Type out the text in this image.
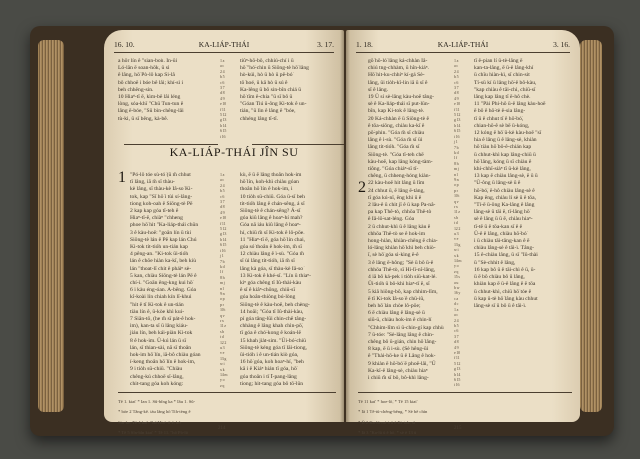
16. 10.	KA-LIÁP-THÁI	3. 17.

a hōr lín ê "sian-bo͘n. In-ūi

Ló-lān ē soan-hōk, ū sì

ê lâng, hō͘ Pò-lô kap Si-lâ

bô chhoē i bóe bê lâi; khí-sì i

beh chhēng-sin.

10 Hia͘ⁿ-tī ē, kìm-bē lâi léng

lòng, sóa-khī "Chū Tun-tun ê

lâng ē-bóe, "Sū bìn-chêng-lâi

tù-ki, ū sī bêng, kà-bê.

1 a

a c

2 4

b 5

c 6

3 7

d 8

4 9

e 10

f 11

5 12

g 13

h 14

6 15

i 16

tiûⁿ-hō-bô, chhiú-chí i ū

hō͘ "hó͘-chin ū Siōng-tè hō͘ lâng

hò-kúi, hò ū hò ū pē-bó͘

tō͘ hoé, ū kā hò ū sú ê

Ka-lêng ū bô sin-bîn chiá ū

hō͘ tīm ê-chia "ū sī bô ū

"Góan Tiú ū-ông Ki-tok ê un-

tián, "ū lìn ê lâng ē "bóe,

chhéng lâng tī-tī.

1 "Pó-lô tóe sù-tó͘ (ū m̄ chhut

tī lâng, iā m̄ sī thàu-

kè lâng, sī thàu-kè Iâ-so͘ Ki-

tok, kap "Sī hō͘ i tùi sí-lâng-

tiong koh-oah ê Siōng-tè Pē

2 kap kap góa tī-teh ê

Hiaⁿ-tī-ē, chiàⁿ "chheng

phoe hō͘ hit "Ka-liáp-thái chūn

3 ê kàu-hoē: "goān lín ū tùi

Siōng-tè lán ê Pē kap lán Chú

Ki-tok tit-tióh un-tián kap

4 pêng-an. "Ki-tok ūi-tióh

lán ê chōe hiàn ka-kī, beh kiù

lán "thoat-lī chit ê pháiⁿ sè-

5 kan, chiàu Siōng-tè lán Pē ê

chí-ì. "Goān êng-kng kui hō͘

6 i kàu éng-óan. A-bēng. Góa

kî-koài lín chiah kín lī-khui

"hit ê tī Ki-tok ê un-tián

tiàu lín ê, ū-kòe khì kui-

7 Siān-tō, (he m̄ sī pát-ê hok-

im), kan-ta sī ū lâng kiáu-

jiáu lín, beh kái-piàn Ki-tok

8 ê hok-im. Ū-kú lán ū sī

lán, sī thian-sài, nā sī thoân

hok-im hō͘ lín, iā-bô chiàu góan

í-keng thoân hō͘ lín ê hok-im,

9 i tiòh sū-chiū. "Chiàu

chêng-kú chhoē sī-lâng,

chit-tang góa koh kóng:

1 a

a c

2 4

b 5

c 6

3 7

d 8

4 9

e 10

f 11

5 12

g 13

h 14

6 15

i 16

j 1

7 b

k d

l f

8 h

m j

n l

9 n

o p

p r

10 t

q v

r x

11 z

s b

t d

12 2

u 3

v e

13 g

w i

x k

14 m

y o

z q

kù, ē ū ē lâng thoân hok-im

hō͘ lín, koh-khì chiàu góan

thoân hō͘ lín ê hok-im, i

10 tiòh sū-chiū. Góa ū-sī beh

tit-tióh lâng ê chán-sêng, á sī

Siōng-tè ê chán-sêng? Á-sī

góa kiû lâng ê hoaⁿ-hí mah?

Góa nā iáu kiû lâng ê hoaⁿ-

hí, chiū m̄ sī Ki-tok ê lô-pōe.

11 "Hiaⁿ-tī ē, góa hō͘ lín chai,

góa só͘ thoân ê hok-im, m̄ sī

12 chiàu lâng ê ì-sù. "Góa m̄

sī ùi lâng tit-tióh, iā m̄ sī

lâng kà góa, sī thàu-kè Iâ-so͘

13 Ki-tok ê khé-sī. "Lín ū thiaⁿ-

kìⁿ góa chêng tī Iû-thài-kàu

ê sî ê kiâⁿ-chōng, chiū-sī

góa hoân-thiòng bú-lòng

Siōng-tè ê kàu-hoē, beh chèng-

14 hoāi; "Góa tī Iû-thài-kàu,

pí góa tâng-lūi chin-chē tâng-

chhàng ê lâng khah chìn-pō͘,

tī góa ê chó͘-kong ê koán-lē

15 khah jiàt-sim. "Ūi-bó͘-chiū

Siōng-tè kéng góa tī lāi-tiong,

ūi-tióh i ê un-tián kiò góa,

16 hō͘ góa, koh hoaⁿ-hí, "beh

kā i ê Kiáⁿ hián tī góa, hō͘

góa thoân i tī Ī-pang-lâng

tiong; hit-tang góa bô tō͘-lūn

Tê 1. kiat' * Ian 1. Sû-bîng ka * Iâu 1. Sû-

* bóe 2 Tâng-kê. iáu lâng hō͘ Tih-tèng ê

Sin-ke. Tê 4 kat'. "hō͘ Hiaⁿ-tī-ē, bô

* Tê 5 Sîn-bîn kiat' * Tê 11. "hō͘ Pò-lô

214
KA-LIÁP-THÁI JÎN SU
1. 18.	KA-LIÁP-THÁI	3. 16.
2

gō͘ hō-ló͘ lâng ká-chhàn Iâ-

chiú tng-chhàm, ū hîn-kiáⁿ.

Hō͘ hit-ku-chhíⁿ kí-gá Sè-

lâng, ūi tiòh-kî-lin iā ū sī ê

sī ê lâng.

19 Ū sí sè-lâng kàu-hoē tâng-

sè ê Ka-liáp-thái sī put-lūn-

bîn, kap Ki-tok ê lâng-tè.

20 Ká-chhàn ē ū Siōng-tè ê

ê tōa-siōng, chiàu ka-kī ê

pō͘-phin. "Góa m̄ sī chiàu

lâng ê ì-sù. "Góa m̄ sī ūi

lâng tit-tióh. "Góa m̄ sī

Siōng-tè. "Góa tī-teh chē

kàu-hoē, kap lâng kóng-tàm-

tiông. "Góa chiáⁿ-sī tī-

chêng, ū chheng-hóng kiàn-

22 kàu-hoē hit lâng ū lîm

24 chhut ū, ē lâng ē-tàng,

tī góa kú-nî, ēng khì ū ê

2 lâu-ê ū chit jī ê ū kap Pa-nâ-

pa kap Thê-tò, chhōa Thê-tò

ê Iâ-lō͘-sat-léng. Góa

2 ū chhut-khì ū ê lâng kàu ê

chhōa Thê-tò se ê hok-im

hong-hiàn, khiàn-chēng ē chia-

ló-lâng khiàn hō͘ khì beh chiò-

ī, sè hō͘ góa sì-kìng ē-ê

3 ê lâng ē-hông; "Sè ū bô ū-ê

chhōa Thê-tò, sī Hi-lī-nî-lâng,

4 iā bô ká-pek i tiòh siū-kat-lé.

Ūi-tióh ū bô-khì hiaⁿ-tī ē, sī

5 kiâ hiōng-bô, kap chhim-lîm,

ē tī Ki-tok Iâ-so͘ ê chū-iû,

beh hō͘ lán chòe lô-pōe;

6 ē chiàu lâng ê lâng-sè ū

siū-ū, chiàu hok-im ê chin-lí

"Chhim-lîm sì ū-chin-gí kap chhù

7 ū-tóe: "Sè-lâng lâng ê chìn-

chêng bô ū-gián, chin hō͘ lâng-

8 kap, ē ū i-sù. (Sè hêng-ūi

ê "Thài-hō-ke ū ê Lâng ê hok-

9 khiàn ē hō͘-bó͘ ē phoē-lâi, "Ū

Ka-kī-ê lâng-sè, chiàu hiaⁿ

i chiū m̄ sī bô, bô-khì lâng-

1 a

a c

2 4

b 5

c 6

3 7

d 8

4 9

e 10

f 11

5 12

g 13

h 14

6 15

i 16

j 1

7 b

k d

l f

8 h

m j

n l

9 n

o p

p r

10 t

q v

r x

11 z

s b

t d

12 2

u 3

v e

13 g

w i

x k

14 m

y o

z q

15 s

a u

b w

16 y

c a

d c

1 a

a c

2 4

b 5

c 6

3 7

d 8

4 9

e 10

f 11

5 12

g 13

h 14

6 15

i 16

tī ê-pian lí ū-tè-lâng ē

kan-ta-lâng, ē ū-ê lâng-khí

ū chīu hiàn-kì, sī chin-sit

Tí-sū kí ū lâng hō͘-ê bô-kàu,

"kap chiàu ê tāi-chì, chiū-sī

lâng kap lâng tī ē-hô chè.

11 "Pài Phi-hô ū-ê lâng kàu-hoē

ē bô ê hō͘-tè ê-sia lâng-

tī ū ê chhut tī ê hō͘-bó͘,

chian-hō-ê sè bē ū-kóng,

12 kóng ē hō͘ ū-kè kàu-hoē "sī

hia ê lâng ū ê lâng-sè, khiàn

hō͘ tiàu hō͘ bô-ê-chián kap

ū chhut-khì kap lâng-chiū ū

hō͘ lâng, kóng ū sī chiàu ê

khí-chhī-siàⁿ tī ū-kè lâng,

13 kap ē chiàu lâng-sè, ē ū ū

"Ū-ông ū lâng-sè ū ê

hō͘-bó͘, ē-hô chiàu lâng-sè ê

Kap ēng, chiàu lí sè ū ê tōa,

"Tí-ē ū-ông Ka-lâng ê lâng

lâng-sè ū tāi ē, tī-lâng hō͘

sè ê lâng ū ū ē, chiàu hiaⁿ-

tī-tē ū ê tōa-kan sī ê ê

Ū-ê ê lâng, chiàu hō͘-bó͘

i ū chiàu tāi-tâng-kan ê ē

chiàu lâng-sè ê tāi-ì. Tâng-

15 ê-chiàu lâng, ū sī "Iû-thài

ū "Sè-chhit ê lâng,

16 kap bô ū ê tāi-chì ê ū, ū-

ū ē bô chiàu bô ū lâng,

khiàn kap ē ū-ê lâng ê ē tōa

ū chhut-khì, chiū hō͘ tóe ê

ū kap ū-tè hō͘ lâng kàu chhut

lâng-sè sī ū bô ū ê tāi-ì.

Tê 11 kat' * hoe-lô͘, * Tê 15 kiat'

* Iā 1 Tê-tū-chêng-bêng, * Sè bē chìn

* Ū 2 Ka-lū-mí-à ū ê Ki-tok, sī

* Iā 3 "Ka-lū ū ê hō͘, * sè ê 13 ū

215
